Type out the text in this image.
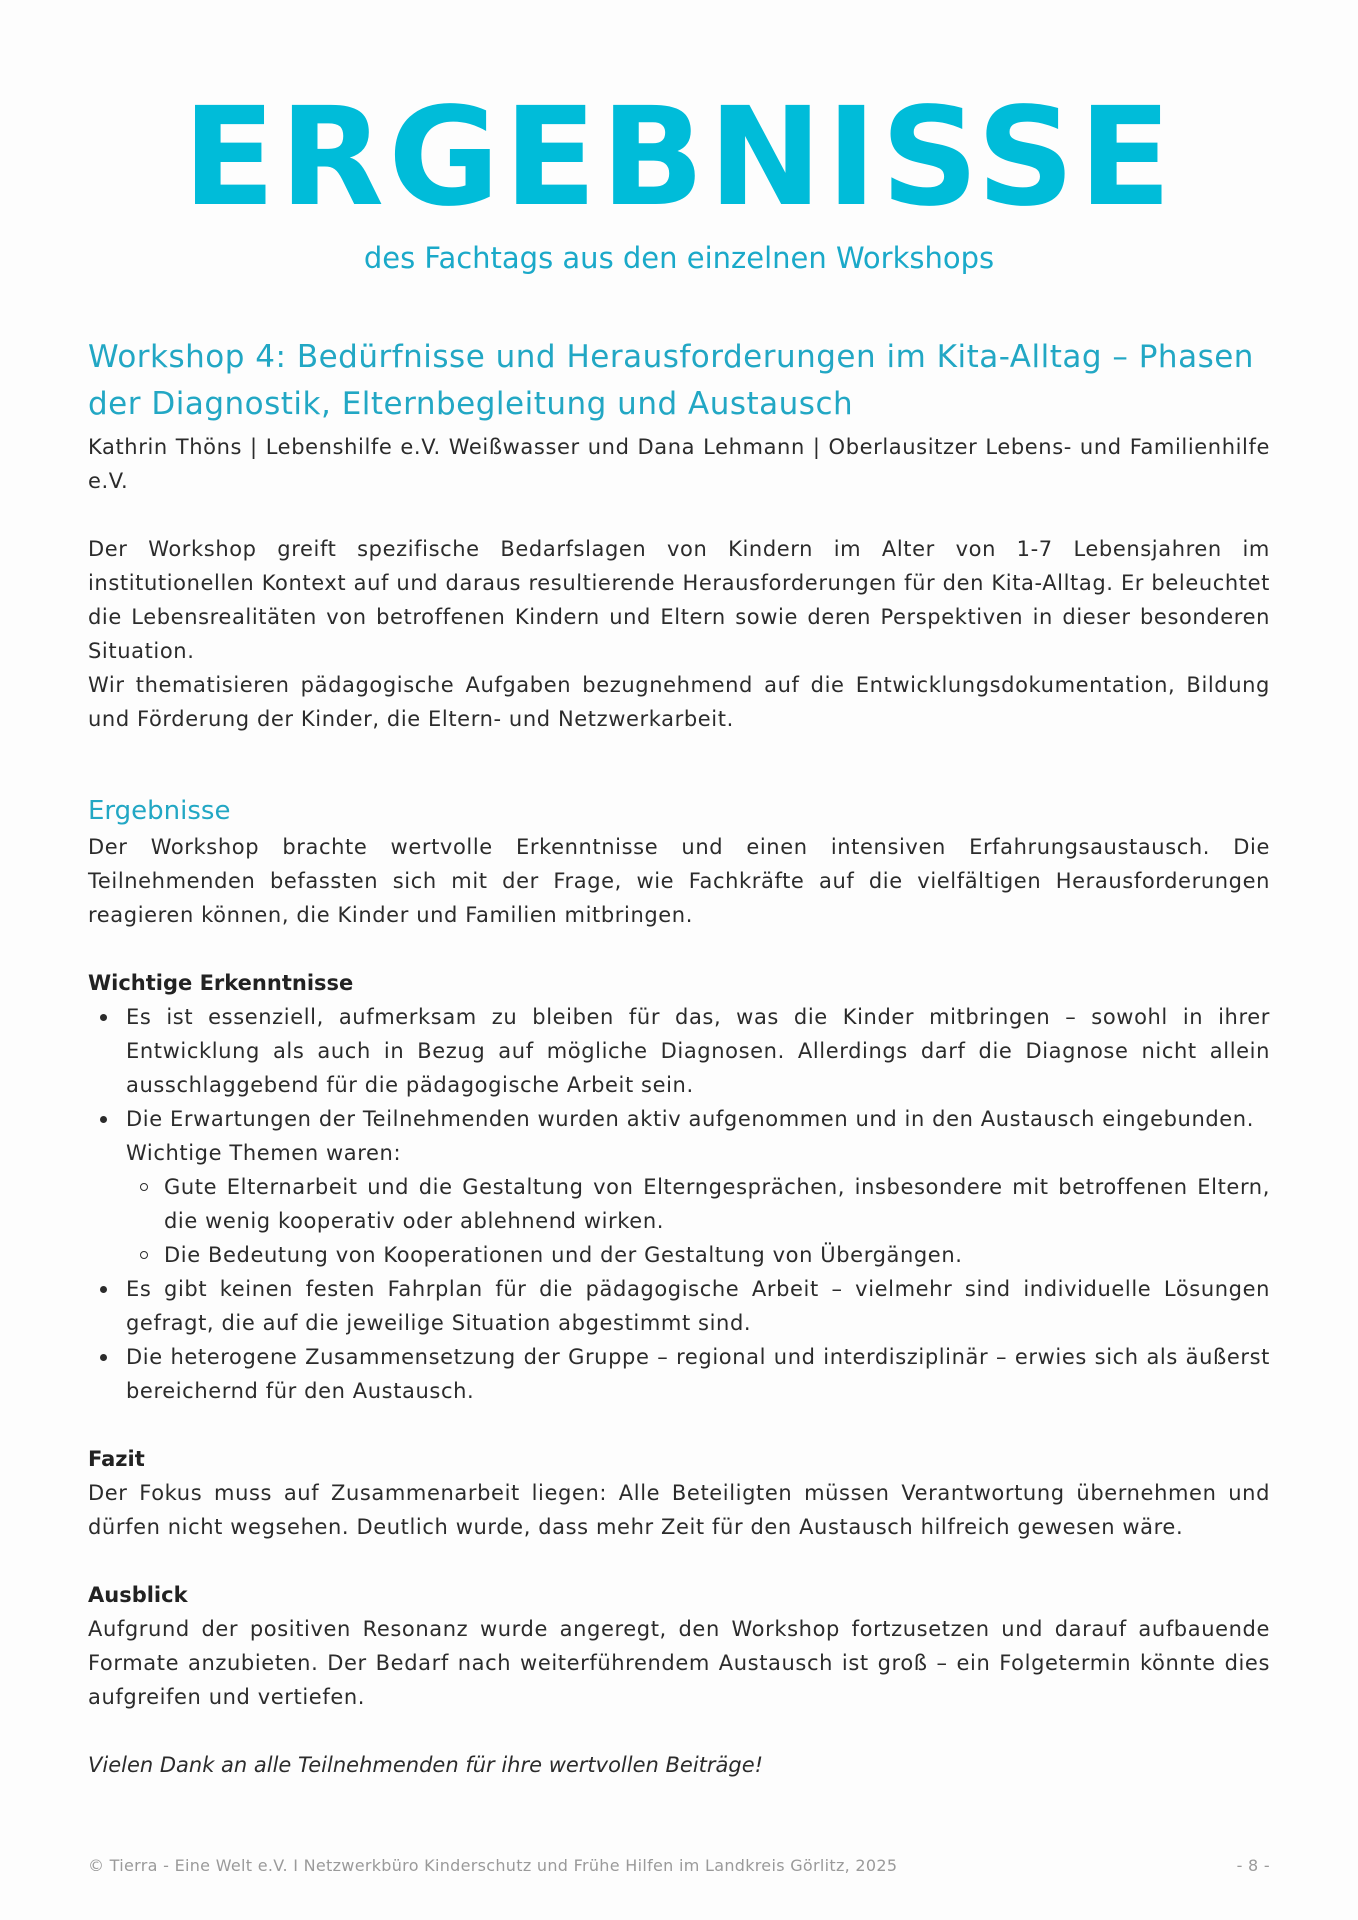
ERGEBNISSE
des Fachtags aus den einzelnen Workshops
Workshop 4: Bedürfnisse und Herausforderungen im Kita-Alltag – Phasen der Diagnostik, Elternbegleitung und Austausch

Kathrin Thöns | Lebenshilfe e.V. Weißwasser und Dana Lehmann | Oberlausitzer Lebens- und Familienhilfe e.V.

Der Workshop greift spezifische Bedarfslagen von Kindern im Alter von 1-7 Lebensjahren im institutionellen Kontext auf und daraus resultierende Herausforderungen für den Kita-Alltag. Er beleuchtet die Lebensrealitäten von betroffenen Kindern und Eltern sowie deren Perspektiven in dieser besonderen Situation.

Wir thematisieren pädagogische Aufgaben bezugnehmend auf die Entwicklungsdokumentation, Bildung und Förderung der Kinder, die Eltern- und Netzwerkarbeit.

Ergebnisse

Der Workshop brachte wertvolle Erkenntnisse und einen intensiven Erfahrungsaustausch. Die Teilnehmenden befassten sich mit der Frage, wie Fachkräfte auf die vielfältigen Herausforderungen reagieren können, die Kinder und Familien mitbringen.

Wichtige Erkenntnisse

Es ist essenziell, aufmerksam zu bleiben für das, was die Kinder mitbringen – sowohl in ihrer Entwicklung als auch in Bezug auf mögliche Diagnosen. Allerdings darf die Diagnose nicht allein ausschlaggebend für die pädagogische Arbeit sein.
Die Erwartungen der Teilnehmenden wurden aktiv aufgenommen und in den Austausch eingebunden. Wichtige Themen waren:
Gute Elternarbeit und die Gestaltung von Elterngesprächen, insbesondere mit betroffenen Eltern, die wenig kooperativ oder ablehnend wirken.
Die Bedeutung von Kooperationen und der Gestaltung von Übergängen.
Es gibt keinen festen Fahrplan für die pädagogische Arbeit – vielmehr sind individuelle Lösungen gefragt, die auf die jeweilige Situation abgestimmt sind.
Die heterogene Zusammensetzung der Gruppe – regional und interdisziplinär – erwies sich als äußerst bereichernd für den Austausch.

Fazit

Der Fokus muss auf Zusammenarbeit liegen: Alle Beteiligten müssen Verantwortung übernehmen und dürfen nicht wegsehen. Deutlich wurde, dass mehr Zeit für den Austausch hilfreich gewesen wäre.

Ausblick

Aufgrund der positiven Resonanz wurde angeregt, den Workshop fortzusetzen und darauf aufbauende Formate anzubieten. Der Bedarf nach weiterführendem Austausch ist groß – ein Folgetermin könnte dies aufgreifen und vertiefen.

Vielen Dank an alle Teilnehmenden für ihre wertvollen Beiträge!

© Tierra - Eine Welt e.V. I Netzwerkbüro Kinderschutz und Frühe Hilfen im Landkreis Görlitz, 2025	- 8 -
